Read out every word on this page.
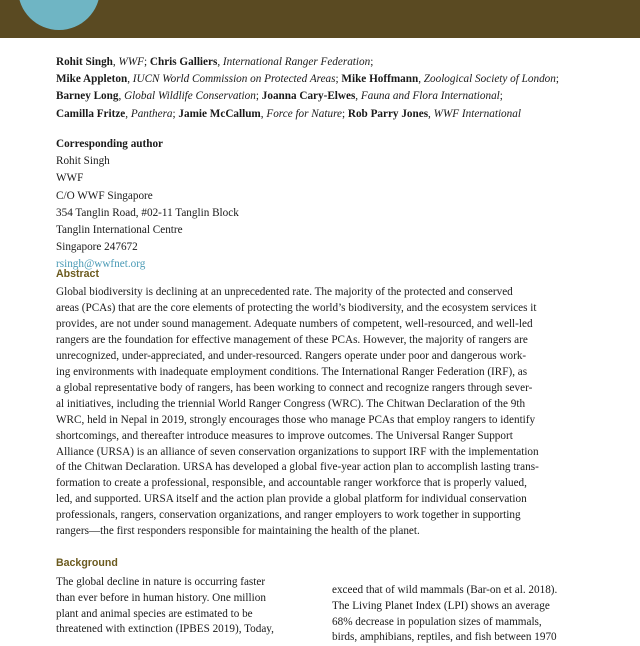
Rohit Singh, WWF; Chris Galliers, International Ranger Federation;
Mike Appleton, IUCN World Commission on Protected Areas; Mike Hoffmann, Zoological Society of London;
Barney Long, Global Wildlife Conservation; Joanna Cary-Elwes, Fauna and Flora International;
Camilla Fritze, Panthera; Jamie McCallum, Force for Nature; Rob Parry Jones, WWF International
Corresponding author
Rohit Singh
WWF
C/O WWF Singapore
354 Tanglin Road, #02-11 Tanglin Block
Tanglin International Centre
Singapore 247672
rsingh@wwfnet.org
Abstract
Global biodiversity is declining at an unprecedented rate. The majority of the protected and conserved
areas (PCAs) that are the core elements of protecting the world’s biodiversity, and the ecosystem services it
provides, are not under sound management. Adequate numbers of competent, well-resourced, and well-led
rangers are the foundation for effective management of these PCAs. However, the majority of rangers are
unrecognized, under-appreciated, and under-resourced. Rangers operate under poor and dangerous work-
ing environments with inadequate employment conditions. The International Ranger Federation (IRF), as
a global representative body of rangers, has been working to connect and recognize rangers through sever-
al initiatives, including the triennial World Ranger Congress (WRC). The Chitwan Declaration of the 9th
WRC, held in Nepal in 2019, strongly encourages those who manage PCAs that employ rangers to identify
shortcomings, and thereafter introduce measures to improve outcomes. The Universal Ranger Support
Alliance (URSA) is an alliance of seven conservation organizations to support IRF with the implementation
of the Chitwan Declaration. URSA has developed a global five-year action plan to accomplish lasting trans-
formation to create a professional, responsible, and accountable ranger workforce that is properly valued,
led, and supported. URSA itself and the action plan provide a global platform for individual conservation
professionals, rangers, conservation organizations, and ranger employers to work together in supporting
rangers—the first responders responsible for maintaining the health of the planet.
Background
The global decline in nature is occurring faster
than ever before in human history. One million
plant and animal species are estimated to be
threatened with extinction (IPBES 2019), Today,
exceed that of wild mammals (Bar-on et al. 2018).
The Living Planet Index (LPI) shows an average
68% decrease in population sizes of mammals,
birds, amphibians, reptiles, and fish between 1970
